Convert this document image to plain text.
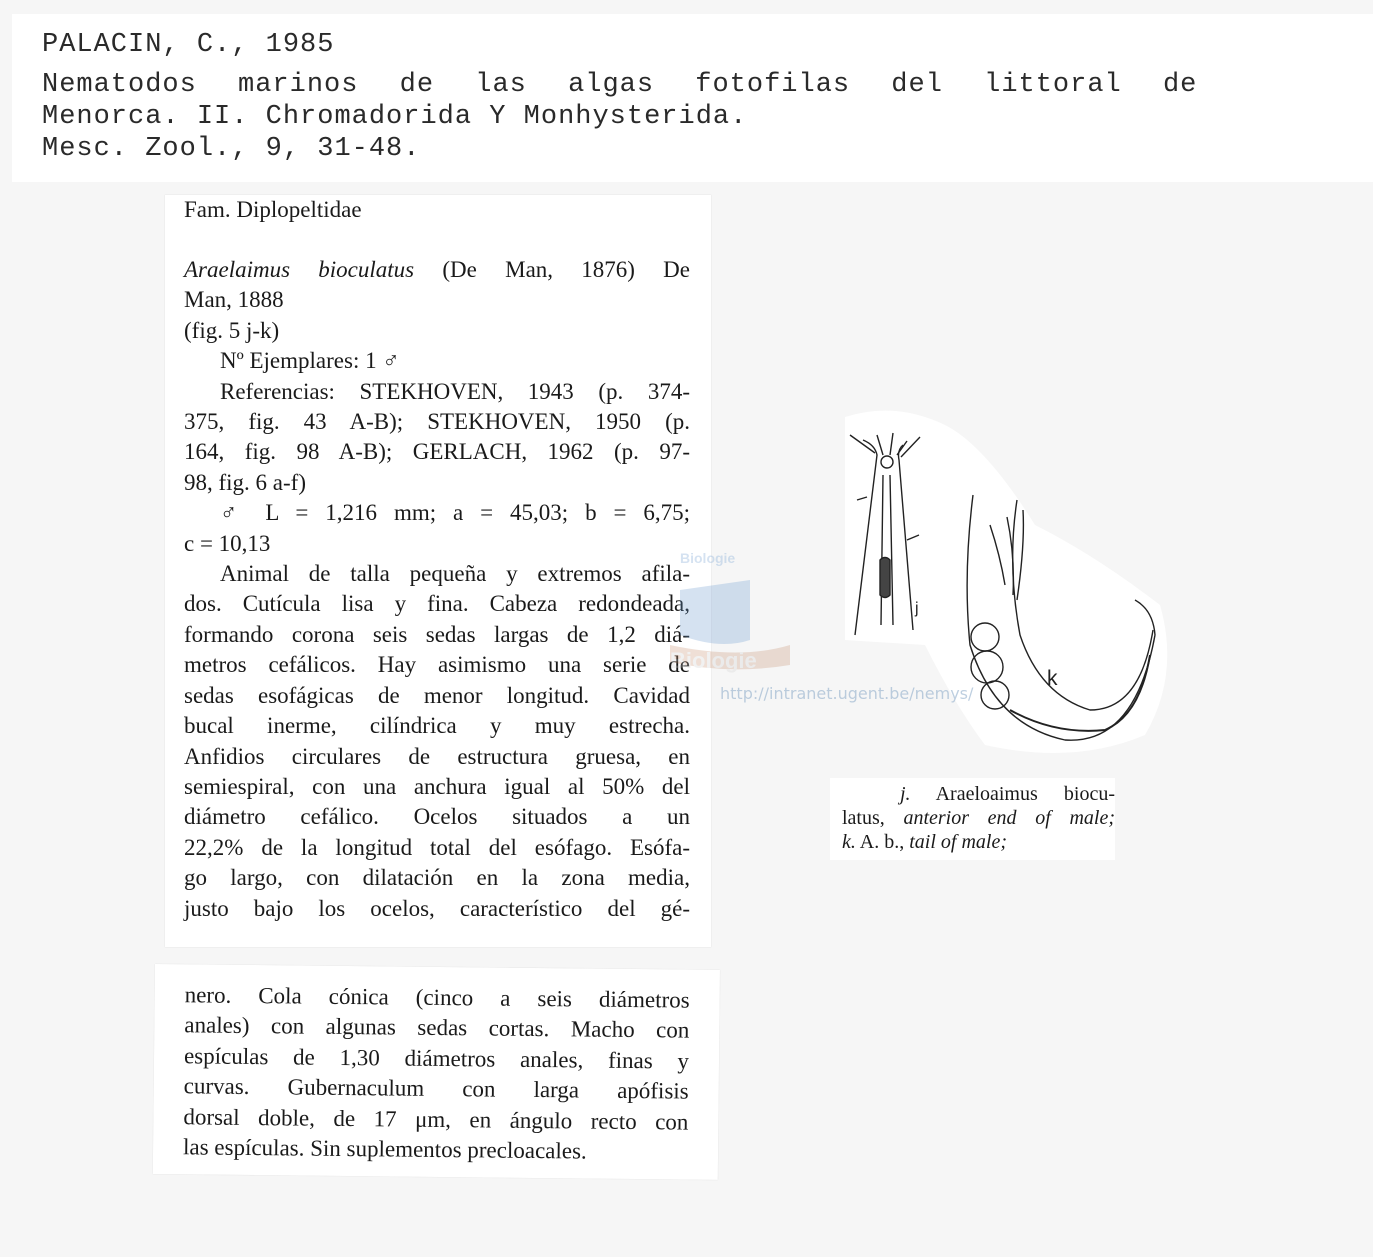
PALACIN, C., 1985
Nematodos marinos de las algas fotofilas del littoral de
Menorca. II. Chromadorida Y Monhysterida.
Mesc. Zool., 9, 31-48.
Fam. Diplopeltidae
Araelaimus bioculatus (De Man, 1876) De
Man, 1888
(fig. 5 j-k)
Nº Ejemplares: 1 ♂
Referencias: STEKHOVEN, 1943 (p. 374-
375, fig. 43 A-B); STEKHOVEN, 1950 (p.
164, fig. 98 A-B); GERLACH, 1962 (p. 97-
98, fig. 6 a-f)
♂ L = 1,216 mm; a = 45,03; b = 6,75;
c = 10,13
Animal de talla pequeña y extremos afila-
dos. Cutícula lisa y fina. Cabeza redondeada,
formando corona seis sedas largas de 1,2 diá-
metros cefálicos. Hay asimismo una serie de
sedas esofágicas de menor longitud. Cavidad
bucal inerme, cilíndrica y muy estrecha.
Anfidios circulares de estructura gruesa, en
semiespiral, con una anchura igual al 50% del
diámetro cefálico. Ocelos situados a un
22,2% de la longitud total del esófago. Esófa-
go largo, con dilatación en la zona media,
justo bajo los ocelos, característico del gé-
nero. Cola cónica (cinco a seis diámetros
anales) con algunas sedas cortas. Macho con
espículas de 1,30 diámetros anales, finas y
curvas. Gubernaculum con larga apófisis
dorsal doble, de 17 μm, en ángulo recto con
las espículas. Sin suplementos precloacales.
j
k
j. Araeloaimus biocu-
latus, anterior end of male;
k. A. b., tail of male;
Biologie
Biologie
http://intranet.ugent.be/nemys/
